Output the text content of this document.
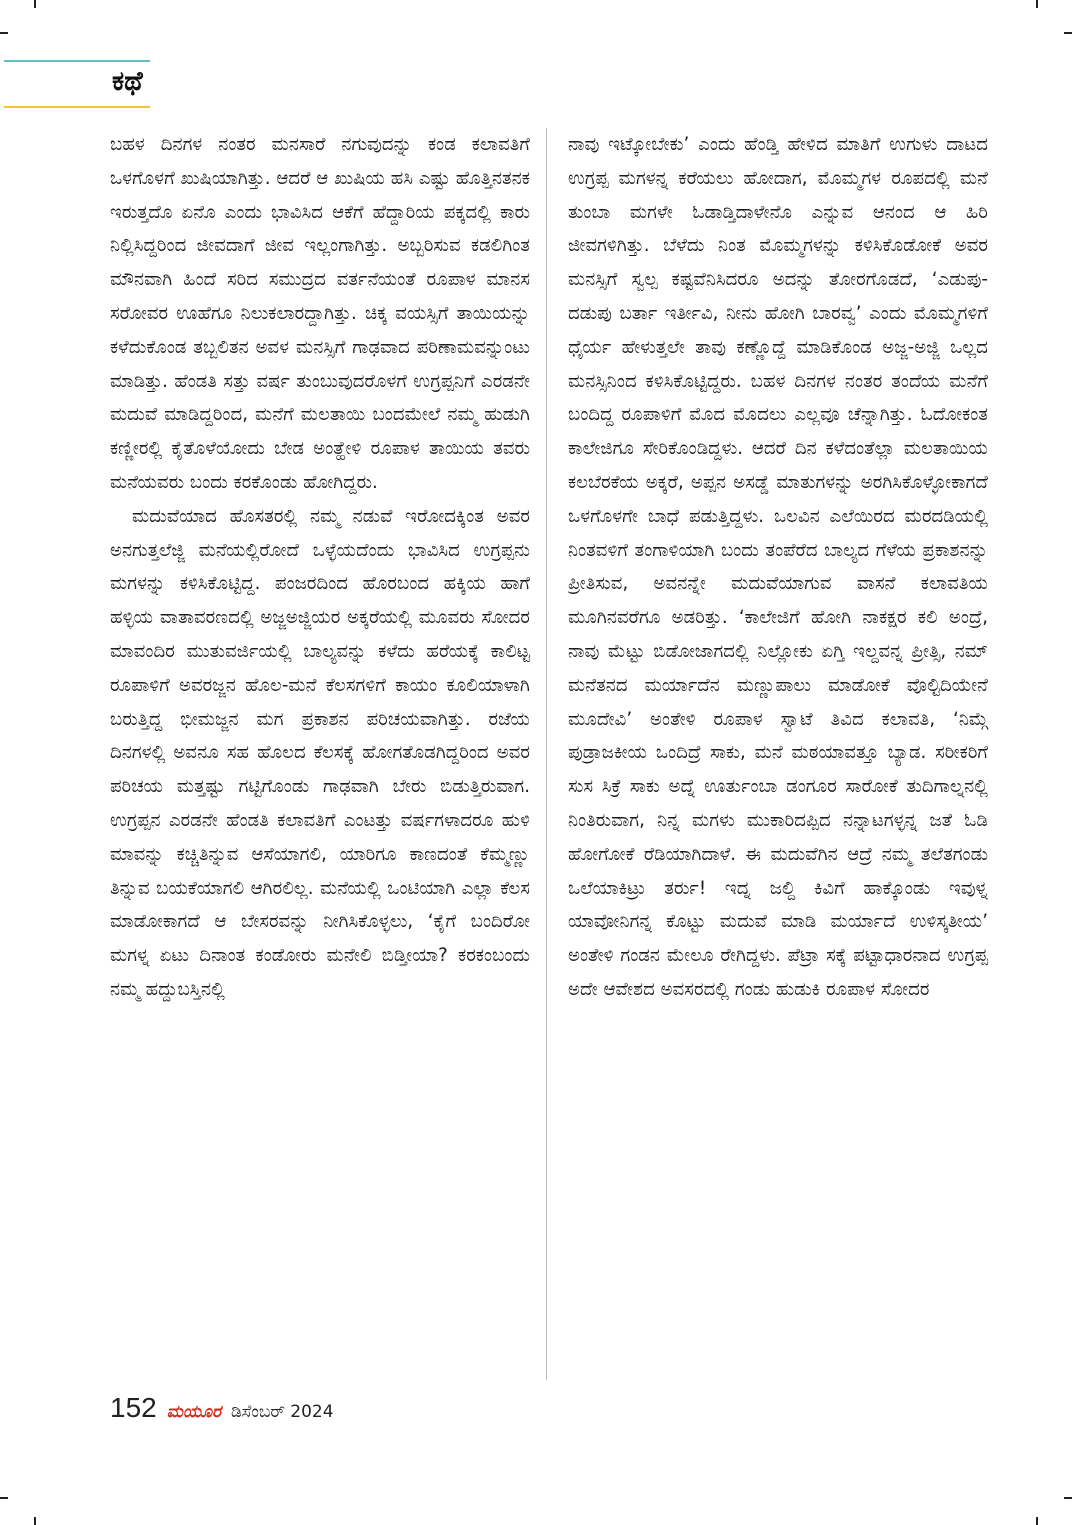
ಕಥೆ

ಬಹಳ ದಿನಗಳ ನಂತರ ಮನಸಾರೆ ನಗುವುದನ್ನು ಕಂಡ ಕಲಾವತಿಗೆ ಒಳಗೊಳಗೆ ಖುಷಿಯಾಗಿತ್ತು. ಆದರೆ ಆ ಖುಷಿಯ ಹಸಿ ಎಷ್ಟು ಹೊತ್ತಿನತನಕ ಇರುತ್ತದೊ ಏನೊ ಎಂದು ಭಾವಿಸಿದ ಆಕೆಗೆ ಹೆದ್ದಾರಿಯ ಪಕ್ಕದಲ್ಲಿ ಕಾರು ನಿಲ್ಲಿಸಿದ್ದರಿಂದ ಜೀವದಾಗೆ ಜೀವ ಇಲ್ಲಂಗಾಗಿತ್ತು. ಅಬ್ಬರಿಸುವ ಕಡಲಿಗಿಂತ ಮೌನವಾಗಿ ಹಿಂದೆ ಸರಿದ ಸಮುದ್ರದ ವರ್ತನೆಯಂತೆ ರೂಪಾಳ ಮಾನಸ ಸರೋವರ ಊಹೆಗೂ ನಿಲುಕಲಾರದ್ದಾಗಿತ್ತು. ಚಿಕ್ಕ ವಯಸ್ಸಿಗೆ ತಾಯಿಯನ್ನು ಕಳೆದುಕೊಂಡ ತಬ್ಬಲಿತನ ಅವಳ ಮನಸ್ಸಿಗೆ ಗಾಢವಾದ ಪರಿಣಾಮವನ್ನುಂಟು ಮಾಡಿತ್ತು. ಹೆಂಡತಿ ಸತ್ತು ವರ್ಷ ತುಂಬುವುದರೊಳಗೆ ಉಗ್ರಪ್ಪನಿಗೆ ಎರಡನೇ ಮದುವೆ ಮಾಡಿದ್ದರಿಂದ, ಮನೆಗೆ ಮಲತಾಯಿ ಬಂದಮೇಲೆ ನಮ್ಮ ಹುಡುಗಿ ಕಣ್ಣೀರಲ್ಲಿ ಕೈತೊಳೆಯೋದು ಬೇಡ ಅಂತ್ಹೇಳಿ ರೂಪಾಳ ತಾಯಿಯ ತವರು ಮನೆಯವರು ಬಂದು ಕರಕೊಂಡು ಹೋಗಿದ್ದರು.

ಮದುವೆಯಾದ ಹೊಸತರಲ್ಲಿ ನಮ್ಮ ನಡುವೆ ಇರೋದಕ್ಕಿಂತ ಅವರ ಅನಗುತ್ತಲೆಜ್ಜಿ ಮನೆಯಲ್ಲಿರೋದೆ ಒಳ್ಳೆಯದೆಂದು ಭಾವಿಸಿದ ಉಗ್ರಪ್ಪನು ಮಗಳನ್ನು ಕಳಿಸಿಕೊಟ್ಟಿದ್ದ. ಪಂಜರದಿಂದ ಹೊರಬಂದ ಹಕ್ಕಿಯ ಹಾಗೆ ಹಳ್ಳಿಯ ವಾತಾವರಣದಲ್ಲಿ ಅಜ್ಜಅಜ್ಜಿಯರ ಅಕ್ಕರೆಯಲ್ಲಿ ಮೂವರು ಸೋದರ ಮಾವಂದಿರ ಮುತುವರ್ಜಿಯಲ್ಲಿ ಬಾಲ್ಯವನ್ನು ಕಳೆದು ಹರೆಯಕ್ಕೆ ಕಾಲಿಟ್ಟ ರೂಪಾಳಿಗೆ ಅವರಜ್ಜನ ಹೊಲ-ಮನೆ ಕೆಲಸಗಳಿಗೆ ಕಾಯಂ ಕೂಲಿಯಾಳಾಗಿ ಬರುತ್ತಿದ್ದ ಭೀಮಜ್ಜನ ಮಗ ಪ್ರಕಾಶನ ಪರಿಚಯವಾಗಿತ್ತು. ರಜೆಯ ದಿನಗಳಲ್ಲಿ ಅವನೂ ಸಹ ಹೊಲದ ಕೆಲಸಕ್ಕೆ ಹೋಗತೊಡಗಿದ್ದರಿಂದ ಅವರ ಪರಿಚಯ ಮತ್ತಷ್ಟು ಗಟ್ಟಿಗೊಂಡು ಗಾಢವಾಗಿ ಬೇರು ಬಿಡುತ್ತಿರುವಾಗ. ಉಗ್ರಪ್ಪನ ಎರಡನೇ ಹೆಂಡತಿ ಕಲಾವತಿಗೆ ಎಂಟತ್ತು ವರ್ಷಗಳಾದರೂ ಹುಳಿ ಮಾವನ್ನು ಕಚ್ಚಿತಿನ್ನುವ ಆಸೆಯಾಗಲಿ, ಯಾರಿಗೂ ಕಾಣದಂತೆ ಕೆಮ್ಮಣ್ಣು ತಿನ್ನುವ ಬಯಕೆಯಾಗಲಿ ಆಗಿರಲಿಲ್ಲ. ಮನೆಯಲ್ಲಿ ಒಂಟಿಯಾಗಿ ಎಲ್ಲಾ ಕೆಲಸ ಮಾಡೋಕಾಗದೆ ಆ ಬೇಸರವನ್ನು ನೀಗಿಸಿಕೊಳ್ಳಲು, ‘ಕೈಗೆ ಬಂದಿರೋ ಮಗಳ್ನ ಏಟು ದಿನಾಂತ ಕಂಡೋರು ಮನೇಲಿ ಬಿಡ್ತೀಯಾ? ಕರಕಂಬಂದು ನಮ್ಮ ಹದ್ದುಬಸ್ತಿನಲ್ಲಿ

ನಾವು ಇಟ್ಕೋಬೇಕು’ ಎಂದು ಹೆಂಡ್ತಿ ಹೇಳಿದ ಮಾತಿಗೆ ಉಗುಳು ದಾಟದ ಉಗ್ರಪ್ಪ ಮಗಳನ್ನ ಕರೆಯಲು ಹೋದಾಗ, ಮೊಮ್ಮಗಳ ರೂಪದಲ್ಲಿ ಮನೆ ತುಂಬಾ ಮಗಳೇ ಓಡಾಡ್ತಿದಾಳೇನೊ ಎನ್ನುವ ಆನಂದ ಆ ಹಿರಿ ಜೀವಗಳಿಗಿತ್ತು. ಬೆಳೆದು ನಿಂತ ಮೊಮ್ಮಗಳನ್ನು ಕಳಿಸಿಕೊಡೋಕೆ ಅವರ ಮನಸ್ಸಿಗೆ ಸ್ವಲ್ಪ ಕಷ್ಟವೆನಿಸಿದರೂ ಅದನ್ನು ತೋರಗೊಡದೆ, ‘ಎಡುಪು-ದಡುಪು ಬರ್ತಾ ಇರ್ತೀವಿ, ನೀನು ಹೋಗಿ ಬಾರವ್ವ’ ಎಂದು ಮೊಮ್ಮಗಳಿಗೆ ಧೈರ್ಯ ಹೇಳುತ್ತಲೇ ತಾವು ಕಣ್ಣೊದ್ದೆ ಮಾಡಿಕೊಂಡ ಅಜ್ಜ-ಅಜ್ಜಿ ಒಲ್ಲದ ಮನಸ್ಸಿನಿಂದ ಕಳಿಸಿಕೊಟ್ಟಿದ್ದರು. ಬಹಳ ದಿನಗಳ ನಂತರ ತಂದೆಯ ಮನೆಗೆ ಬಂದಿದ್ದ ರೂಪಾಳಿಗೆ ಮೊದ ಮೊದಲು ಎಲ್ಲವೂ ಚೆನ್ನಾಗಿತ್ತು. ಓದೋಕಂತ ಕಾಲೇಜಿಗೂ ಸೇರಿಕೊಂಡಿದ್ದಳು. ಆದರೆ ದಿನ ಕಳೆದಂತೆಲ್ಲಾ ಮಲತಾಯಿಯ ಕಲಬೆರಕೆಯ ಅಕ್ಕರೆ, ಅಪ್ಪನ ಅಸಡ್ಡೆ ಮಾತುಗಳನ್ನು ಅರಗಿಸಿಕೊಳ್ಳೋಕಾಗದೆ ಒಳಗೊಳಗೇ ಬಾಧೆ ಪಡುತ್ತಿದ್ದಳು. ಒಲವಿನ ಎಲೆಯಿರದ ಮರದಡಿಯಲ್ಲಿ ನಿಂತವಳಿಗೆ ತಂಗಾಳಿಯಾಗಿ ಬಂದು ತಂಪೆರೆದ ಬಾಲ್ಯದ ಗೆಳೆಯ ಪ್ರಕಾಶನನ್ನು ಪ್ರೀತಿಸುವ, ಅವನನ್ನೇ ಮದುವೆಯಾಗುವ ವಾಸನೆ ಕಲಾವತಿಯ ಮೂಗಿನವರೆಗೂ ಅಡರಿತ್ತು. ‘ಕಾಲೇಜಿಗೆ ಹೋಗಿ ನಾಕಕ್ಷರ ಕಲಿ ಅಂದ್ರೆ, ನಾವು ಮೆಟ್ಟು ಬಿಡೋಜಾಗದಲ್ಲಿ ನಿಲ್ಲೋಕು ಏಗ್ತಿ ಇಲ್ದವನ್ನ ಪ್ರೀತ್ಸಿ, ನಮ್ ಮನೆತನದ ಮರ್ಯಾದೆನ ಮಣ್ಣುಪಾಲು ಮಾಡೋಕೆ ವೊಲ್ಟಿದಿಯೇನೆ ಮೂದೇವಿ’ ಅಂತೇಳಿ ರೂಪಾಳ ಸ್ವಾಟೆ ತಿವಿದ ಕಲಾವತಿ, ‘ನಿಮ್ಗೆ ಪುಡ್ರಾಜಕೀಯ ಒಂದಿದ್ರೆ ಸಾಕು, ಮನೆ ಮಠಯಾವತ್ತೂ ಬ್ಯಾಡ. ಸರೀಕರಿಗೆ ಸುಸ ಸಿಕ್ರೆ ಸಾಕು ಅದ್ನೆ ಊರ್ತುಂಬಾ ಡಂಗೂರ ಸಾರೋಕೆ ತುದಿಗಾಲ್ನನಲ್ಲಿ ನಿಂತಿರುವಾಗ, ನಿನ್ನ ಮಗಳು ಮುಕಾರಿದಪ್ಪಿದ ನನ್ನಾಟಗಳ್ಳನ್ನ ಜತೆ ಓಡಿ ಹೋಗೋಕೆ ರೆಡಿಯಾಗಿದಾಳೆ. ಈ ಮದುವೆಗಿನ ಆದ್ರೆ ನಮ್ಮ ತಲೆತಗಂಡು ಒಲೆಯಾಕಿಟ್ರು ತರ್ರು! ಇದ್ನ ಜಲ್ದಿ ಕಿವಿಗೆ ಹಾಕ್ಕೊಂಡು ಇವುಳ್ನ ಯಾವೋನಿಗನ್ನ ಕೊಟ್ಟು ಮದುವೆ ಮಾಡಿ ಮರ್ಯಾದೆ ಉಳಿಸ್ಕತೀಯ’ ಅಂತೇಳಿ ಗಂಡನ ಮೇಲೂ ರೇಗಿದ್ದಳು. ಪೆಟ್ರಾ ಸಕ್ಕೆ ಪಟ್ಟಾಧಾರನಾದ ಉಗ್ರಪ್ಪ ಅದೇ ಆವೇಶದ ಅವಸರದಲ್ಲಿ ಗಂಡು ಹುಡುಕಿ ರೂಪಾಳ ಸೋದರ

152 ಮಯೂರ ಡಿಸೆಂಬರ್ 2024
